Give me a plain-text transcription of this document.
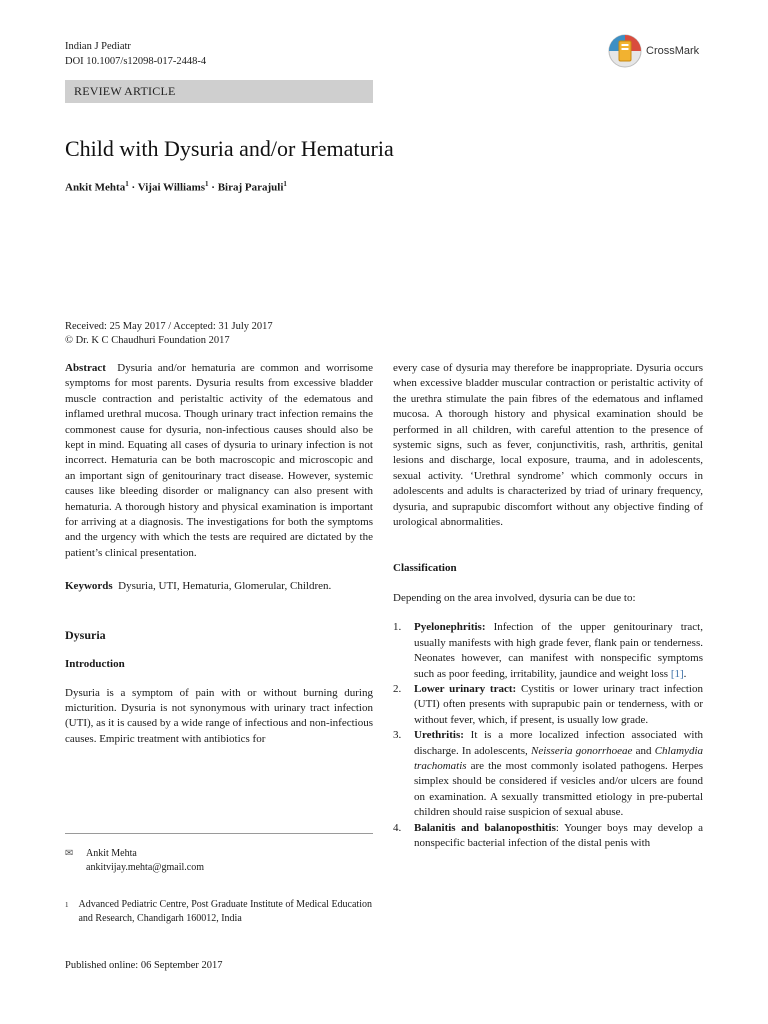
Indian J Pediatr
DOI 10.1007/s12098-017-2448-4
CrossMark
REVIEW ARTICLE
Child with Dysuria and/or Hematuria
Ankit Mehta$^1$ · Vijai Williams$^1$ · Biraj Parajuli$^1$
Received: 25 May 2017 / Accepted: 31 July 2017
© Dr. K C Chaudhuri Foundation 2017

Abstract Dysuria and/or hematuria are common and worrisome symptoms for most parents. Dysuria results from excessive bladder muscle contraction and peristaltic activity of the edematous and inflamed urethral mucosa. Though urinary tract infection remains the commonest cause for dysuria, non-infectious causes should also be kept in mind. Equating all cases of dysuria to urinary infection is not incorrect. Hematuria can be both macroscopic and microscopic and an important sign of genitourinary tract disease. However, systemic causes like bleeding disorder or malignancy can also present with hematuria. A thorough history and physical examination is important for arriving at a diagnosis. The investigations for both the symptoms and the urgency with which the tests are required are dictated by the patient’s clinical presentation.

Keywords Dysuria, UTI, Hematuria, Glomerular, Children.

Dysuria
Introduction

Dysuria is a symptom of pain with or without burning during micturition. Dysuria is not synonymous with urinary tract infection (UTI), as it is caused by a wide range of infectious and non-infectious causes. Empiric treatment with antibiotics for

✉	Ankit Mehta
ankitvijay.mehta@gmail.com
1 Advanced Pediatric Centre, Post Graduate Institute of Medical Education and Research, Chandigarh 160012, India
Published online: 06 September 2017

every case of dysuria may therefore be inappropriate. Dysuria occurs when excessive bladder muscular contraction or peristaltic activity of the urethra stimulate the pain fibres of the edematous and inflamed mucosa. A thorough history and physical examination should be performed in all children, with careful attention to the presence of systemic signs, such as fever, conjunctivitis, rash, arthritis, genital lesions and discharge, local exposure, trauma, and in adolescents, sexual activity. ‘Urethral syndrome’ which commonly occurs in adolescents and adults is characterized by triad of urinary frequency, dysuria, and suprapubic discomfort without any objective finding of urological abnormalities.

Classification

Depending on the area involved, dysuria can be due to:

1.	Pyelonephritis: Infection of the upper genitourinary tract, usually manifests with high grade fever, flank pain or tenderness. Neonates however, can manifest with nonspecific symptoms such as poor feeding, irritability, jaundice and weight loss [1].
2.	Lower urinary tract: Cystitis or lower urinary tract infection (UTI) often presents with suprapubic pain or tenderness, with or without fever, which, if present, is usually low grade.
3.	Urethritis: It is a more localized infection associated with discharge. In adolescents, Neisseria gonorrhoeae and Chlamydia trachomatis are the most commonly isolated pathogens. Herpes simplex should be considered if vesicles and/or ulcers are found on examination. A sexually transmitted etiology in pre-pubertal children should raise suspicion of sexual abuse.
4.	Balanitis and balanoposthitis: Younger boys may develop a nonspecific bacterial infection of the distal penis with
